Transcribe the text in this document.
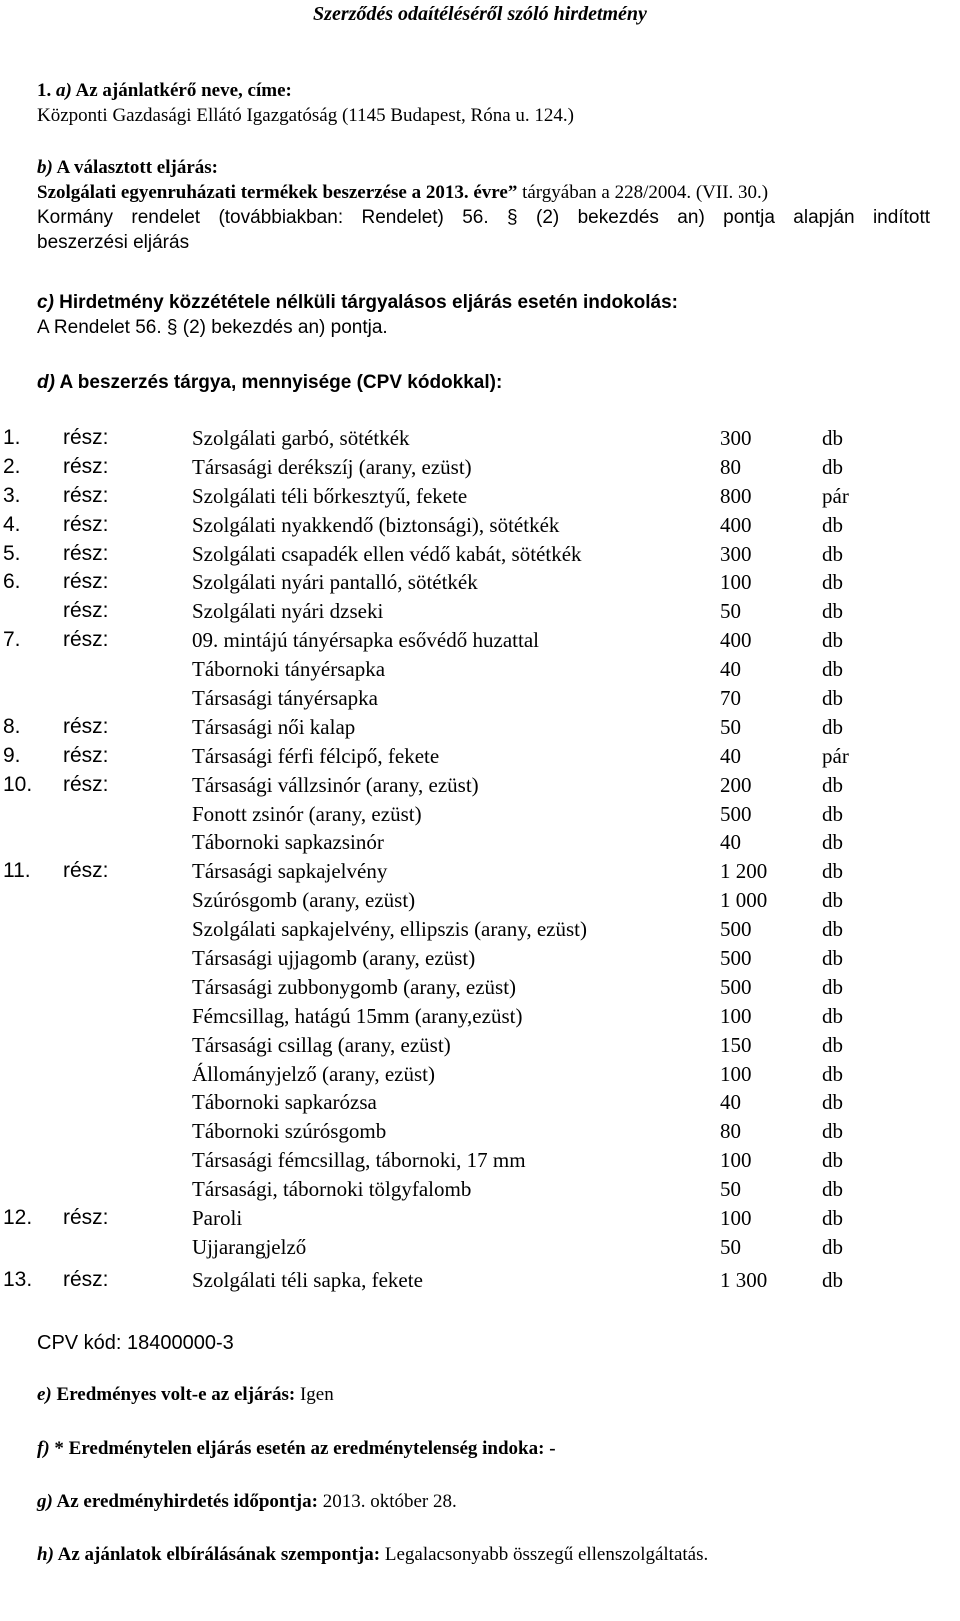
Szerződés odaítéléséről szóló hirdetmény
1. a) Az ajánlatkérő neve, címe:
Központi Gazdasági Ellátó Igazgatóság (1145 Budapest, Róna u. 124.)
b) A választott eljárás:
Szolgálati egyenruházati termékek beszerzése a 2013. évre” tárgyában a 228/2004. (VII. 30.)
Kormány rendelet (továbbiakban: Rendelet) 56. § (2) bekezdés an) pontja alapján indított
beszerzési eljárás
c) Hirdetmény közzététele nélküli tárgyalásos eljárás esetén indokolás:
A Rendelet 56. § (2) bekezdés an) pontja.
d) A beszerzés tárgya, mennyisége (CPV kódokkal):
1. rész:	Szolgálati garbó, sötétkék	300	db
2. rész:	Társasági derékszíj (arany, ezüst)	80	db
3. rész:	Szolgálati téli bőrkesztyű, fekete	800	pár
4. rész:	Szolgálati nyakkendő (biztonsági), sötétkék	400	db
5. rész:	Szolgálati csapadék ellen védő kabát, sötétkék	300	db
6. rész:	Szolgálati nyári pantalló, sötétkék	100	db
rész:	Szolgálati nyári dzseki	50	db
7. rész:	09. mintájú tányérsapka esővédő huzattal	400	db
Tábornoki tányérsapka	40	db
Társasági tányérsapka	70	db
8. rész:	Társasági női kalap	50	db
9. rész:	Társasági férfi félcipő, fekete	40	pár
10. rész:	Társasági vállzsinór (arany, ezüst)	200	db
Fonott zsinór (arany, ezüst)	500	db
Tábornoki sapkazsinór	40	db
11. rész:	Társasági sapkajelvény	1 200	db
Szúrósgomb (arany, ezüst)	1 000	db
Szolgálati sapkajelvény, ellipszis (arany, ezüst)	500	db
Társasági ujjagomb (arany, ezüst)	500	db
Társasági zubbonygomb (arany, ezüst)	500	db
Fémcsillag, hatágú 15mm (arany,ezüst)	100	db
Társasági csillag (arany, ezüst)	150	db
Állományjelző (arany, ezüst)	100	db
Tábornoki sapkarózsa	40	db
Tábornoki szúrósgomb	80	db
Társasági fémcsillag, tábornoki, 17 mm	100	db
Társasági, tábornoki tölgyfalomb	50	db
12. rész:	Paroli	100	db
Ujjarangjelző	50	db
13. rész:	Szolgálati téli sapka, fekete	1 300	db
CPV kód: 18400000-3
e) Eredményes volt-e az eljárás: Igen
f) * Eredménytelen eljárás esetén az eredménytelenség indoka: -
g) Az eredményhirdetés időpontja: 2013. október 28.
h) Az ajánlatok elbírálásának szempontja: Legalacsonyabb összegű ellenszolgáltatás.
